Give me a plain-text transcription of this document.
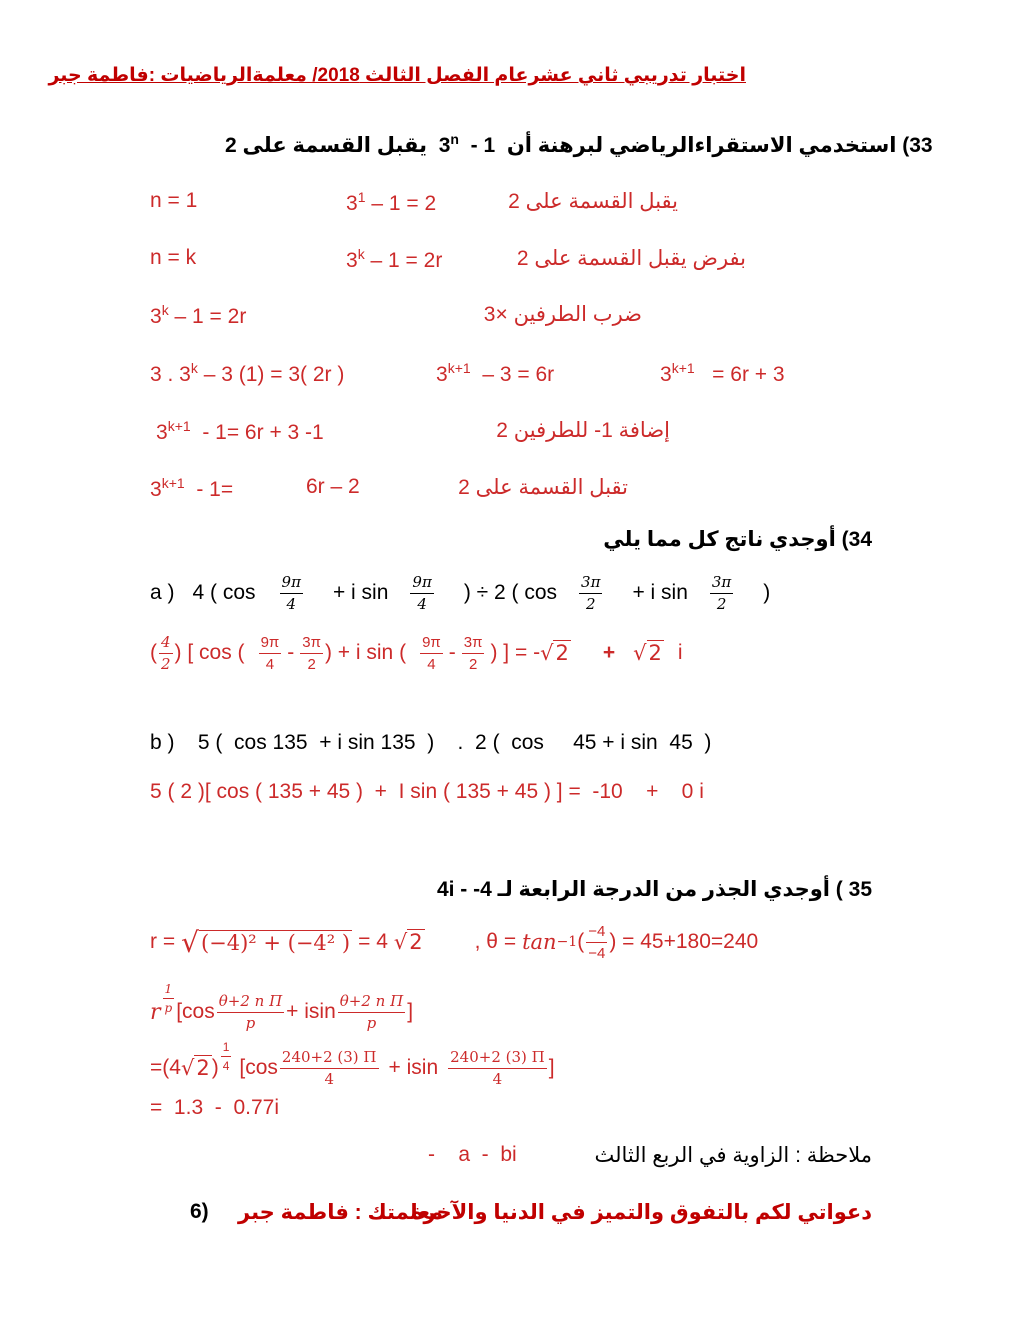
اختبار تدريبي ثاني عشرعام الفصل الثالث 2018/ معلمةالرياضيات :فاطمة جبر
يقبل القسمة على 2 3$^n$ - 1 33) استخدمي الاستقراءالرياضي لبرهنة أن
n = 1	$3^1 - 1 = 2$	يقبل القسمة على 2
n = k	3$^k$ – 1 = 2r	بفرض يقبل القسمة على 2
3$^k$ – 1 = 2r	ضرب الطرفين ×3
3 . 3$^k$ – 3 (1) = 3( 2r )	$3^{k+1} - 3 = 6r$	$3^{k+1} = 6r + 3$
$3^{k+1} - 1= 6r + 3$ -1	إضافة 1- للطرفين 2
$3^{k+1} - 1=$	6r – 2	تقبل القسمة على 2
34) أوجدي ناتج كل مما يلي
a ) 4 ( cos 9π
4	+ i sin 9π
4	) ÷ 2 ( cos 3π
2	+ i sin 3π
2	)
( 4
2 ) [ cos ( 9π
4 - 3π
2 ) + i sin ( 9π
4 - 3π
2 ) ] = - √2 + √2 i
b )    5 (  cos 135  + i sin 135  )    .  2 (  cos     45 + i sin  45  )
5 ( 2 )[ cos ( 135 + 45 )  +  I sin ( 135 + 45 ) ] =  -10    +    0 i
4i - -4 35 ) أوجدي الجذر من الدرجة الرابعة لـ
r = √ (−4)² + (−4² ) = 4 √2 , θ = tan −1 ( −4
−4 ) = 45+180=240
r
1
p [cos θ+2 n Π
p	+ isin θ+2 n Π
p	]
=(4 √2 )
1
4 [cos 240+2 (3) Π
4	+ isin 240+2 (3) Π
4	]
=  1.3  -  0.77i
-    a  -  bi	ملاحظة : الزاوية في الربع الثالث
6) معلمتك : فاطمة جبر
دعواتي لكم بالتفوق والتميز في الدنيا والآخرة
